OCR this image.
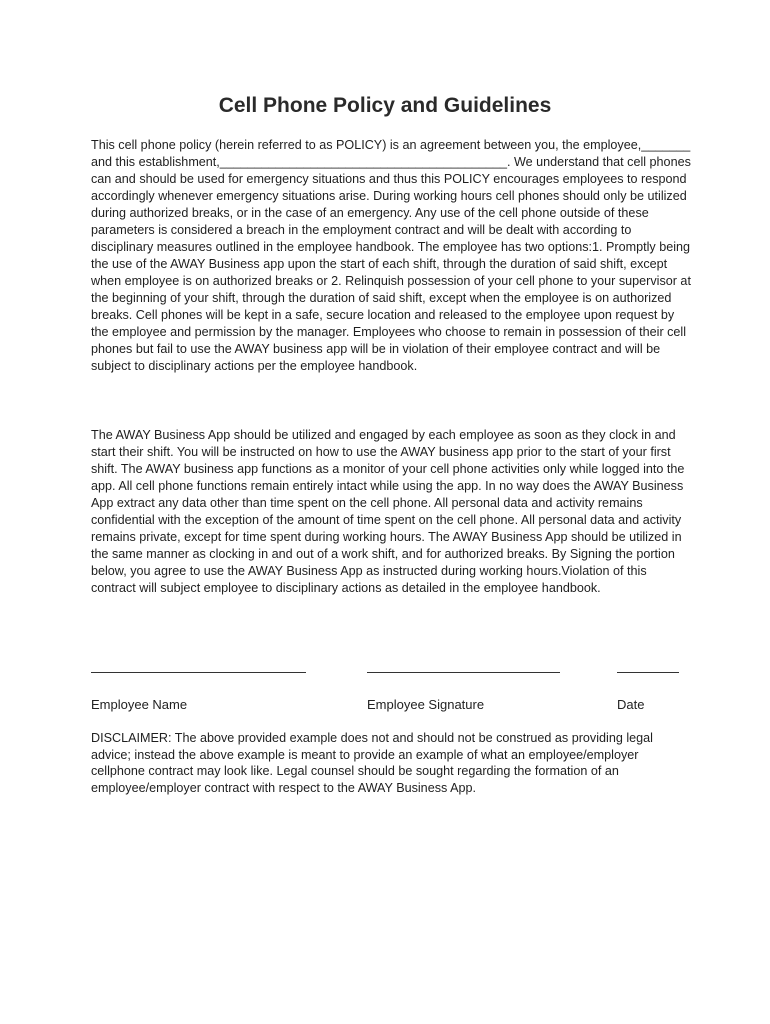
Cell Phone Policy and Guidelines

This cell phone policy (herein referred to as POLICY) is an agreement between you, the employee,_______ and this establishment,_________________________________________. We understand that cell phones can and should be used for emergency situations and thus this POLICY encourages employees to respond accordingly whenever emergency situations arise. During working hours cell phones should only be utilized during authorized breaks, or in the case of an emergency. Any use of the cell phone outside of these parameters is considered a breach in the employment contract and will be dealt with according to disciplinary measures outlined in the employee handbook. The employee has two options:1. Promptly being the use of the AWAY Business app upon the start of each shift, through the duration of said shift, except when employee is on authorized breaks or 2. Relinquish possession of your cell phone to your supervisor at the beginning of your shift, through the duration of said shift, except when the employee is on authorized breaks. Cell phones will be kept in a safe, secure location and released to the employee upon request by the employee and permission by the manager. Employees who choose to remain in possession of their cell phones but fail to use the AWAY business app will be in violation of their employee contract and will be subject to disciplinary actions per the employee handbook.

The AWAY Business App should be utilized and engaged by each employee as soon as they clock in and start their shift. You will be instructed on how to use the AWAY business app prior to the start of your first shift. The AWAY business app functions as a monitor of your cell phone activities only while logged into the app. All cell phone functions remain entirely intact while using the app. In no way does the AWAY Business App extract any data other than time spent on the cell phone. All personal data and activity remains confidential with the exception of the amount of time spent on the cell phone. All personal data and activity remains private, except for time spent during working hours. The AWAY Business App should be utilized in the same manner as clocking in and out of a work shift, and for authorized breaks. By Signing the portion below, you agree to use the AWAY Business App as instructed during working hours.Violation of this contract will subject employee to disciplinary actions as detailed in the employee handbook.

Employee Name	Employee Signature	Date

DISCLAIMER: The above provided example does not and should not be construed as providing legal advice; instead the above example is meant to provide an example of what an employee/employer cellphone contract may look like. Legal counsel should be sought regarding the formation of an employee/employer contract with respect to the AWAY Business App.
